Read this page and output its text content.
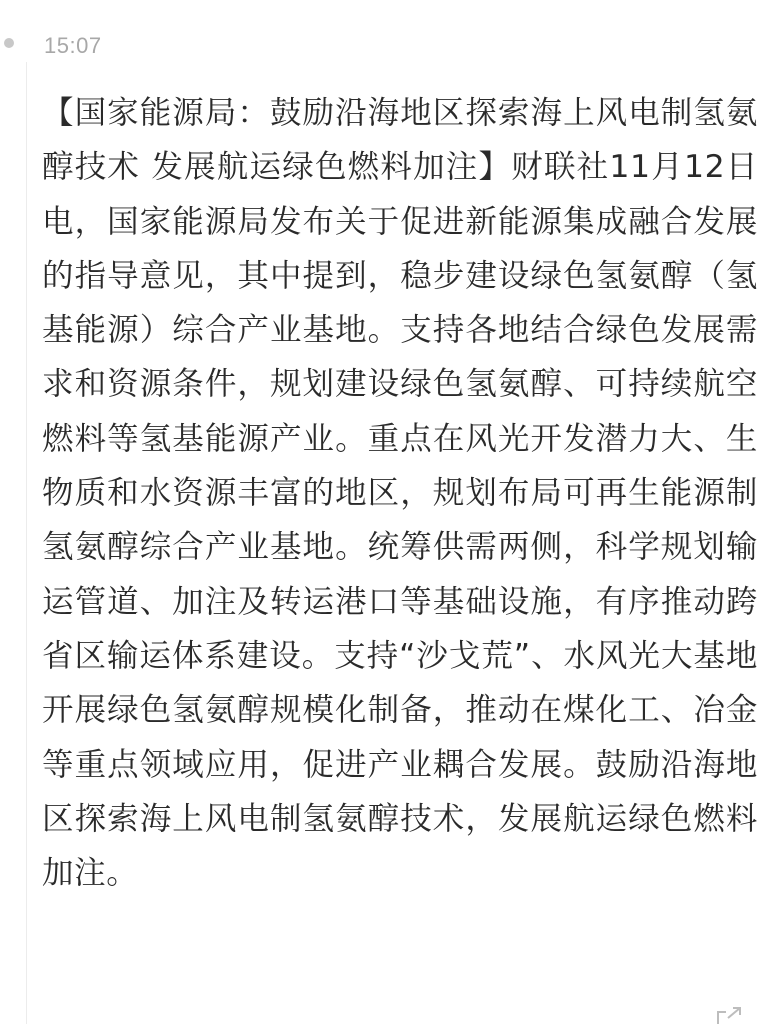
15:07

【国家能源局：鼓励沿海地区探索海上风电制氢氨醇技术 发展航运绿色燃料加注】财联社11月12日电，国家能源局发布关于促进新能源集成融合发展的指导意见，其中提到，稳步建设绿色氢氨醇（氢基能源）综合产业基地。支持各地结合绿色发展需求和资源条件，规划建设绿色氢氨醇、可持续航空燃料等氢基能源产业。重点在风光开发潜力大、生物质和水资源丰富的地区，规划布局可再生能源制氢氨醇综合产业基地。统筹供需两侧，科学规划输运管道、加注及转运港口等基础设施，有序推动跨省区输运体系建设。支持“沙戈荒”、水风光大基地开展绿色氢氨醇规模化制备，推动在煤化工、冶金等重点领域应用，促进产业耦合发展。鼓励沿海地区探索海上风电制氢氨醇技术，发展航运绿色燃料加注。
